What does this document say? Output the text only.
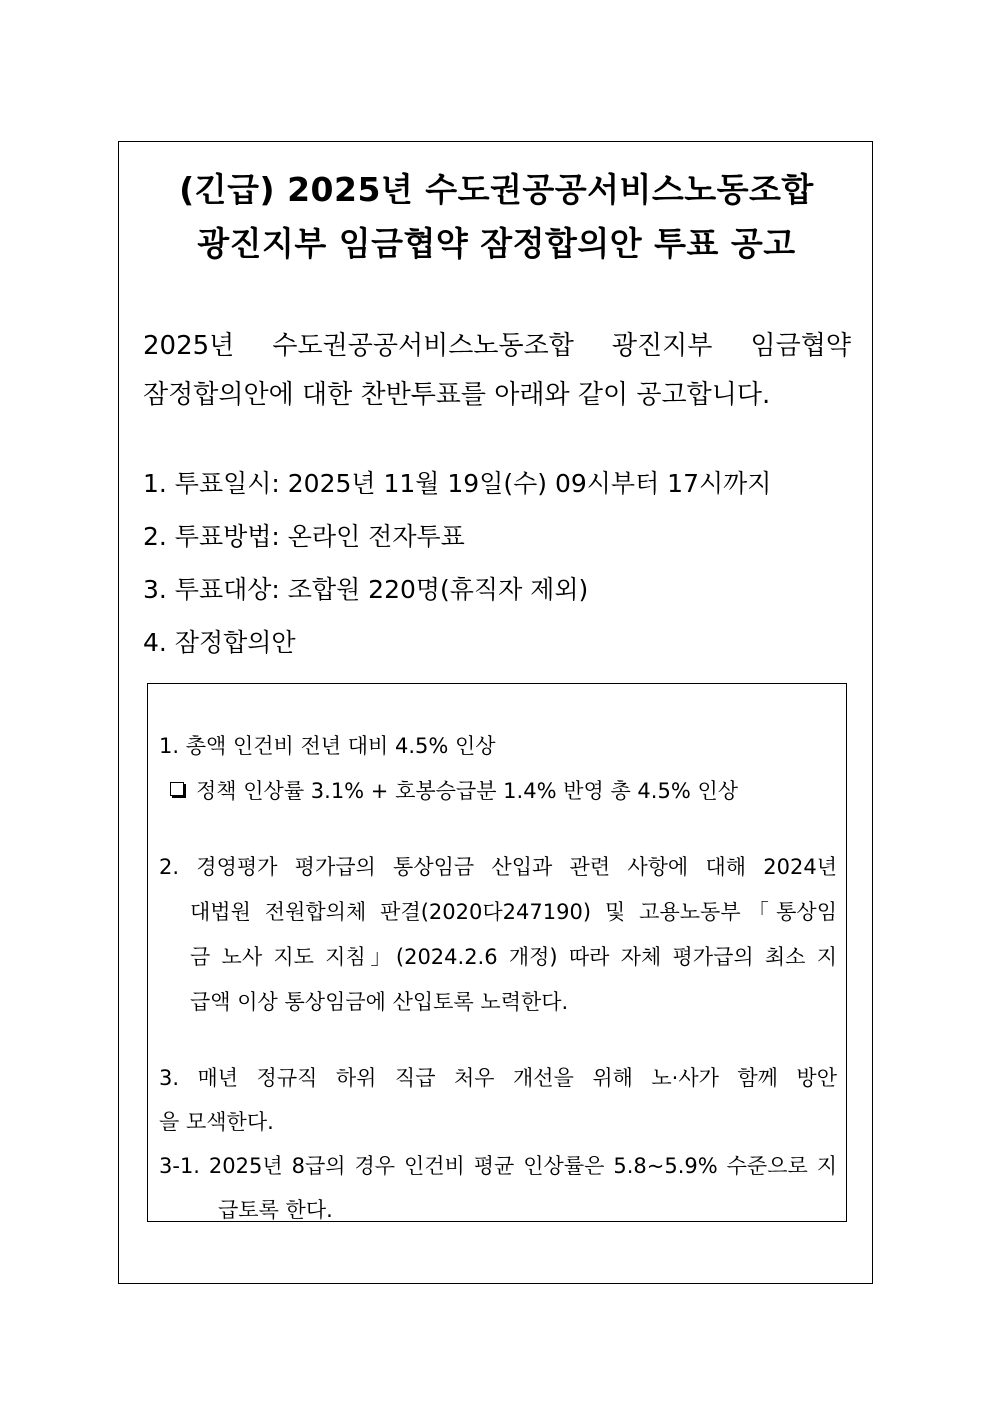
(긴급) 2025년 수도권공공서비스노동조합
광진지부 임금협약 잠정합의안 투표 공고
2025년 수도권공공서비스노동조합 광진지부 임금협약
잠정합의안에 대한 찬반투표를 아래와 같이 공고합니다.
1. 투표일시: 2025년 11월 19일(수) 09시부터 17시까지
2. 투표방법: 온라인 전자투표
3. 투표대상: 조합원 220명(휴직자 제외)
4. 잠정합의안
1. 총액 인건비 전년 대비 4.5% 인상
정책 인상률 3.1% + 호봉승급분 1.4% 반영 총 4.5% 인상
2. 경영평가 평가급의 통상임금 산입과 관련 사항에 대해 2024년
대법원 전원합의체 판결(2020다247190) 및 고용노동부「통상임
금 노사 지도 지침」(2024.2.6 개정) 따라 자체 평가급의 최소 지
급액 이상 통상임금에 산입토록 노력한다.
3. 매년 정규직 하위 직급 처우 개선을 위해 노·사가 함께 방안
을 모색한다.
3-1. 2025년 8급의 경우 인건비 평균 인상률은 5.8~5.9% 수준으로 지
급토록 한다.
